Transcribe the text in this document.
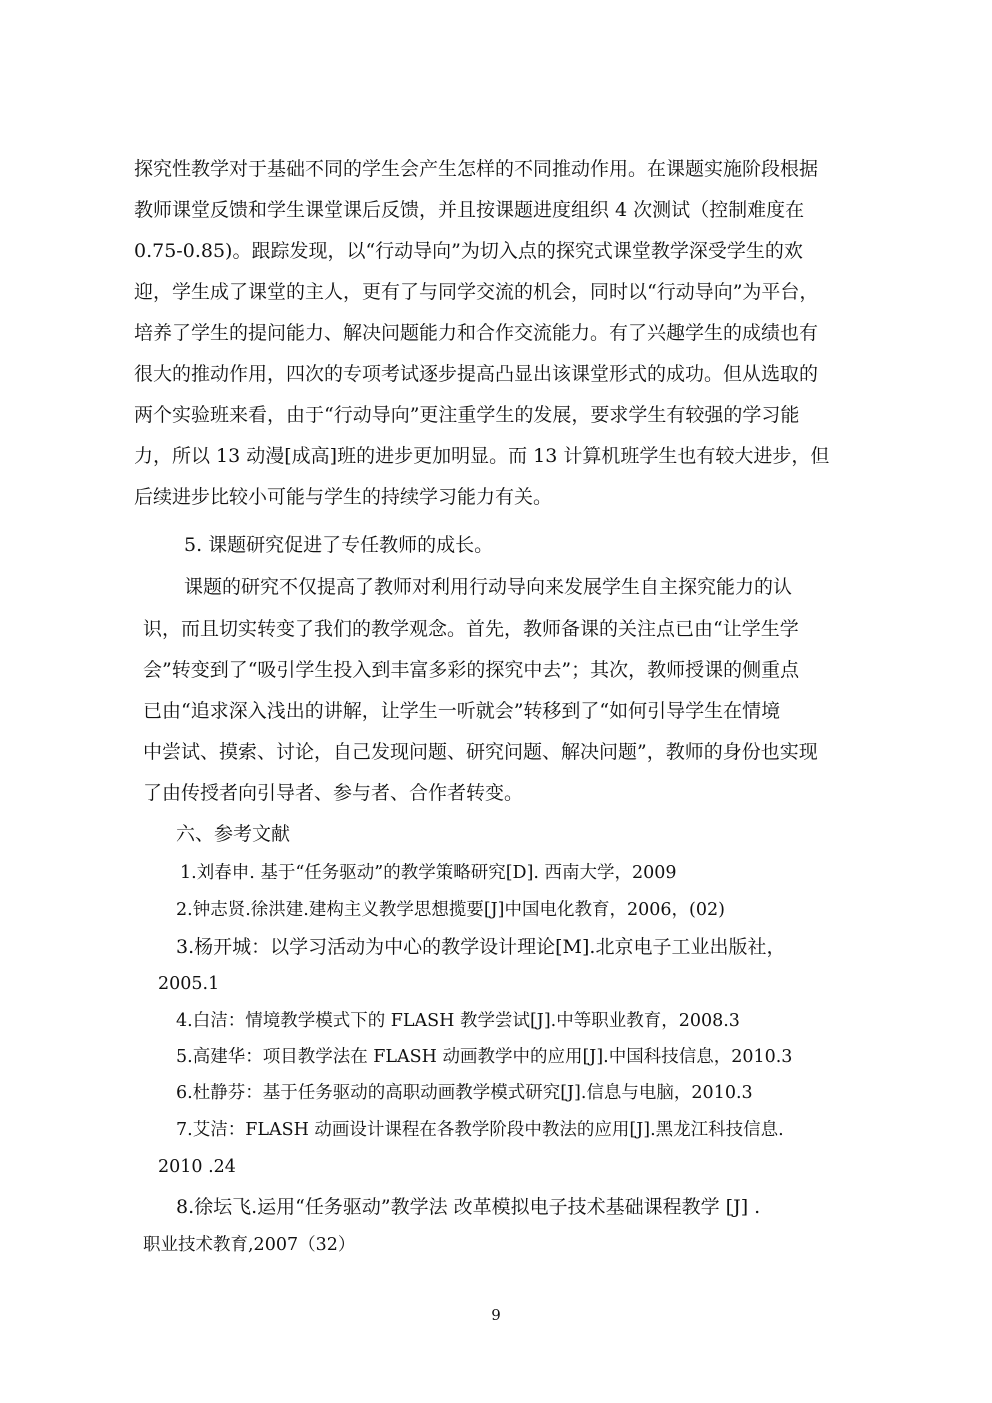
探究性教学对于基础不同的学生会产生怎样的不同推动作用。在课题实施阶段根据

教师课堂反馈和学生课堂课后反馈，并且按课题进度组织 4 次测试（控制难度在

0.75-0.85)。跟踪发现，以“行动导向”为切入点的探究式课堂教学深受学生的欢

迎，学生成了课堂的主人，更有了与同学交流的机会，同时以“行动导向”为平台，

培养了学生的提问能力、解决问题能力和合作交流能力。有了兴趣学生的成绩也有

很大的推动作用，四次的专项考试逐步提高凸显出该课堂形式的成功。但从选取的

两个实验班来看，由于“行动导向”更注重学生的发展，要求学生有较强的学习能

力，所以 13 动漫[成高]班的进步更加明显。而 13 计算机班学生也有较大进步，但

后续进步比较小可能与学生的持续学习能力有关。

5. 课题研究促进了专任教师的成长。

课题的研究不仅提高了教师对利用行动导向来发展学生自主探究能力的认

识，而且切实转变了我们的教学观念。首先，教师备课的关注点已由“让学生学

会”转变到了“吸引学生投入到丰富多彩的探究中去”；其次，教师授课的侧重点

已由“追求深入浅出的讲解，让学生一听就会”转移到了“如何引导学生在情境

中尝试、摸索、讨论，自己发现问题、研究问题、解决问题”，教师的身份也实现

了由传授者向引导者、参与者、合作者转变。

六、参考文献

1.刘春申. 基于“任务驱动”的教学策略研究[D]. 西南大学，2009

2.钟志贤.徐洪建.建构主义教学思想揽要[J]中国电化教育，2006，(02)

3.杨开城：以学习活动为中心的教学设计理论[M].北京电子工业出版社，

2005.1

4.白洁：情境教学模式下的 FLASH 教学尝试[J].中等职业教育，2008.3

5.高建华：项目教学法在 FLASH 动画教学中的应用[J].中国科技信息，2010.3

6.杜静芬：基于任务驱动的高职动画教学模式研究[J].信息与电脑，2010.3

7.艾洁：FLASH 动画设计课程在各教学阶段中教法的应用[J].黑龙江科技信息.

2010 .24

8.徐坛飞.运用“任务驱动”教学法 改革模拟电子技术基础课程教学 [J] .

职业技术教育,2007（32）

9
